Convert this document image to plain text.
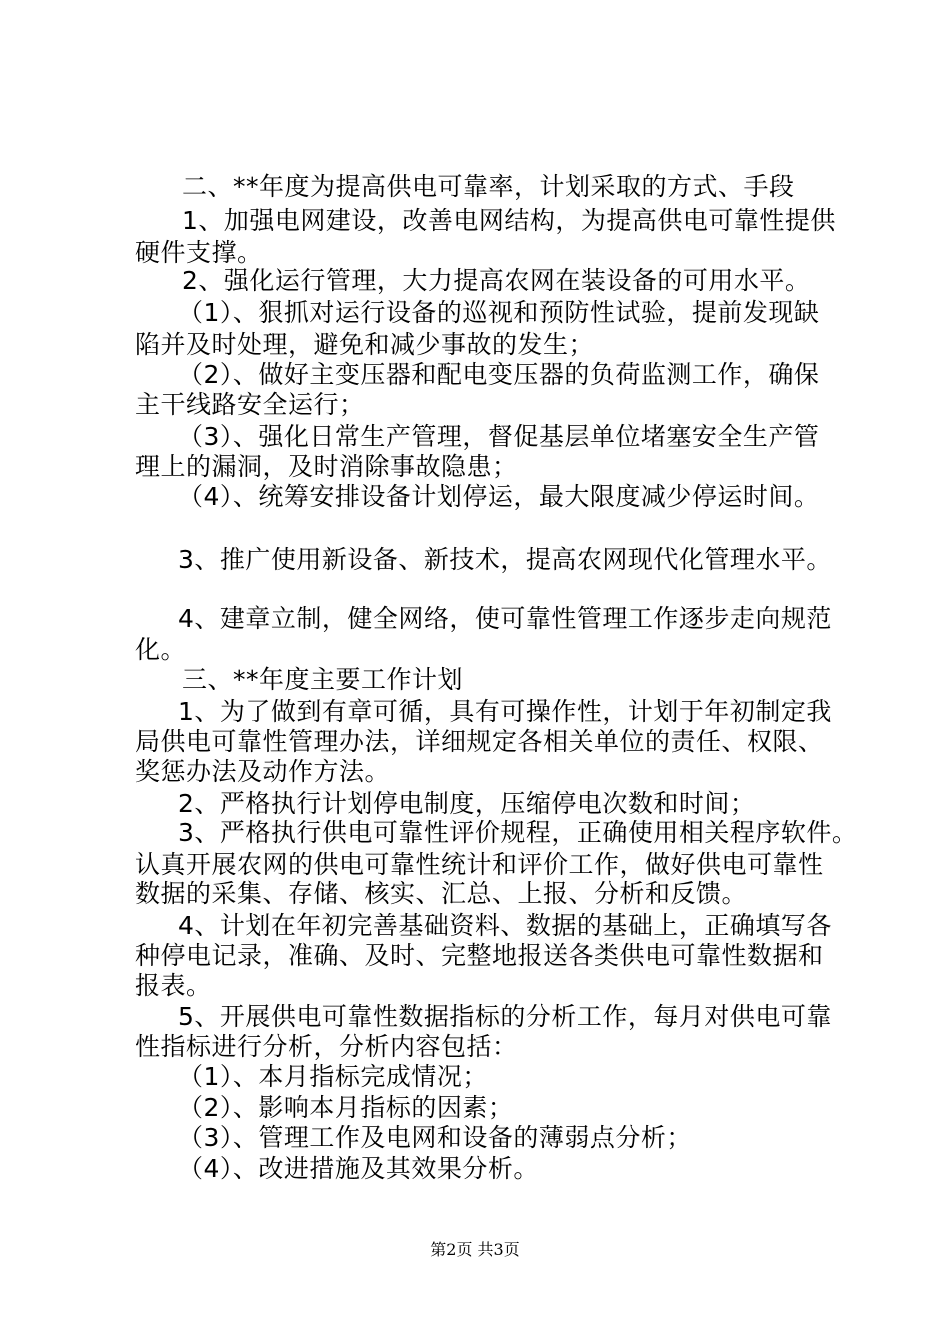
二、**年度为提高供电可靠率，计划采取的方式、手段
1、加强电网建设，改善电网结构，为提高供电可靠性提供
硬件支撑。
2、强化运行管理，大力提高农网在装设备的可用水平。
（1）、狠抓对运行设备的巡视和预防性试验，提前发现缺
陷并及时处理，避免和减少事故的发生；
（2）、做好主变压器和配电变压器的负荷监测工作，确保
主干线路安全运行；
（3）、强化日常生产管理，督促基层单位堵塞安全生产管
理上的漏洞，及时消除事故隐患；
（4）、统筹安排设备计划停运，最大限度减少停运时间。
3、推广使用新设备、新技术，提高农网现代化管理水平。
4、建章立制，健全网络，使可靠性管理工作逐步走向规范
化。
三、**年度主要工作计划
1、为了做到有章可循，具有可操作性，计划于年初制定我
局供电可靠性管理办法，详细规定各相关单位的责任、权限、
奖惩办法及动作方法。
2、严格执行计划停电制度，压缩停电次数和时间；
3、严格执行供电可靠性评价规程，正确使用相关程序软件。
认真开展农网的供电可靠性统计和评价工作，做好供电可靠性
数据的采集、存储、核实、汇总、上报、分析和反馈。
4、计划在年初完善基础资料、数据的基础上，正确填写各
种停电记录，准确、及时、完整地报送各类供电可靠性数据和
报表。
5、开展供电可靠性数据指标的分析工作，每月对供电可靠
性指标进行分析，分析内容包括：
（1）、本月指标完成情况；
（2）、影响本月指标的因素；
（3）、管理工作及电网和设备的薄弱点分析；
（4）、改进措施及其效果分析。
第2页 共3页
